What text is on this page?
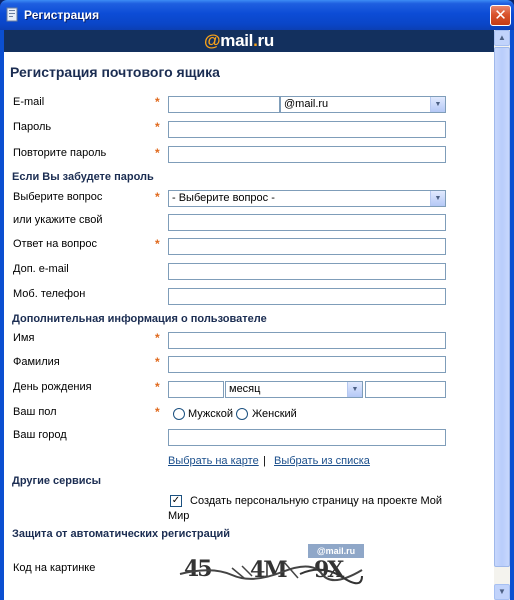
Регистрация	✕
▲
▼
@mail.ru
Регистрация почтового ящика
E-mail	*	@mail.ru	▼
Пароль	*
Повторите пароль	*
Если Вы забудете пароль
Выберите вопрос	*	- Выберите вопрос -	▼
или укажите свой
Ответ на вопрос	*
Доп. e-mail
Моб. телефон
Дополнительная информация о пользователе
Имя	*
Фамилия	*
День рождения	*	месяц	▼
Ваш пол	*	Мужской Женский
Ваш город
Выбрать на карте | Выбрать из списка
Другие сервисы
✓ Создать персональную страницу на проекте Мой
Мир
Защита от автоматических регистраций
Код на картинке
@mail.ru
45 4M 9X
